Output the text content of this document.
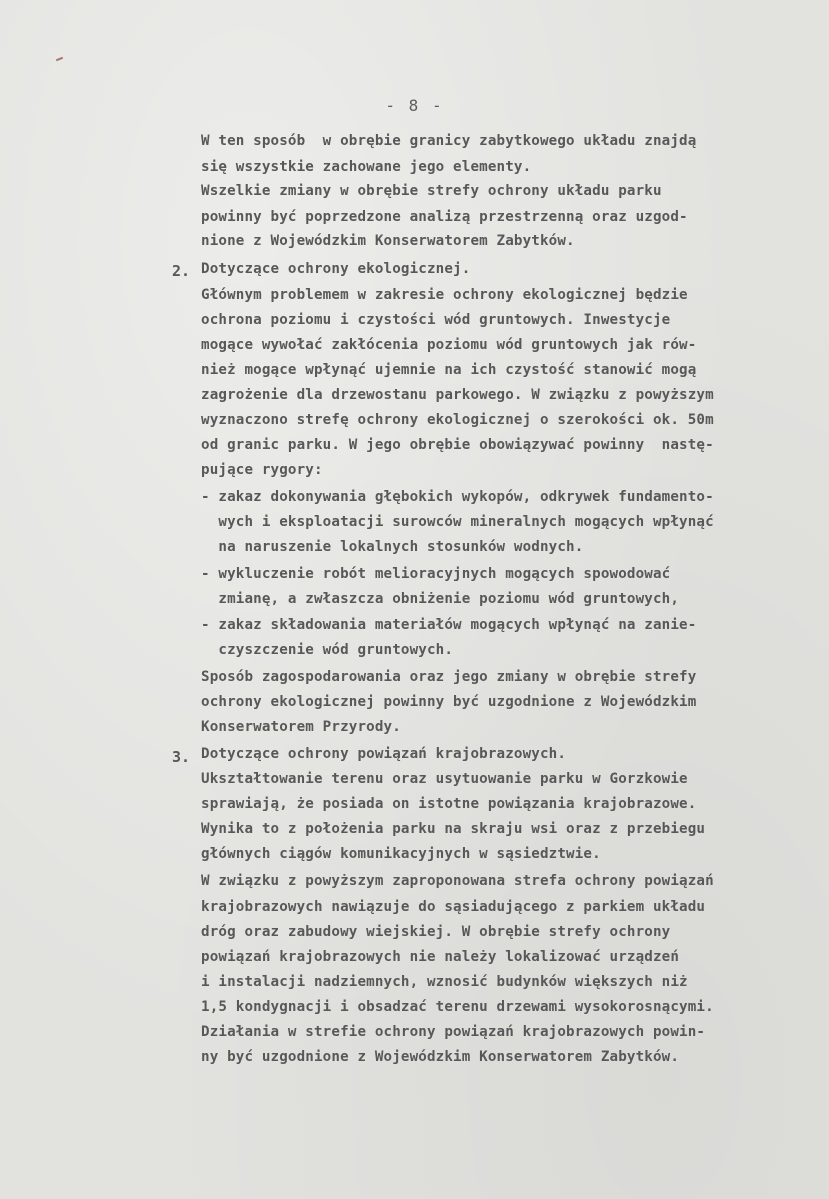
- 8 -
W ten sposób  w obrębie granicy zabytkowego układu znajdą
się wszystkie zachowane jego elementy.
Wszelkie zmiany w obrębie strefy ochrony układu parku
powinny być poprzedzone analizą przestrzenną oraz uzgod-
nione z Wojewódzkim Konserwatorem Zabytków.
2. Dotyczące ochrony ekologicznej.
Głównym problemem w zakresie ochrony ekologicznej będzie
ochrona poziomu i czystości wód gruntowych. Inwestycje
mogące wywołać zakłócenia poziomu wód gruntowych jak rów-
nież mogące wpłynąć ujemnie na ich czystość stanowić mogą
zagrożenie dla drzewostanu parkowego. W związku z powyższym
wyznaczono strefę ochrony ekologicznej o szerokości ok. 50m
od granic parku. W jego obrębie obowiązywać powinny  nastę-
pujące rygory:
- zakaz dokonywania głębokich wykopów, odkrywek fundamento-
wych i eksploatacji surowców mineralnych mogących wpłynąć
na naruszenie lokalnych stosunków wodnych.
- wykluczenie robót melioracyjnych mogących spowodować
zmianę, a zwłaszcza obniżenie poziomu wód gruntowych,
- zakaz składowania materiałów mogących wpłynąć na zanie-
czyszczenie wód gruntowych.
Sposób zagospodarowania oraz jego zmiany w obrębie strefy
ochrony ekologicznej powinny być uzgodnione z Wojewódzkim
Konserwatorem Przyrody.
3. Dotyczące ochrony powiązań krajobrazowych.
Ukształtowanie terenu oraz usytuowanie parku w Gorzkowie
sprawiają, że posiada on istotne powiązania krajobrazowe.
Wynika to z położenia parku na skraju wsi oraz z przebiegu
głównych ciągów komunikacyjnych w sąsiedztwie.
W związku z powyższym zaproponowana strefa ochrony powiązań
krajobrazowych nawiązuje do sąsiadującego z parkiem układu
dróg oraz zabudowy wiejskiej. W obrębie strefy ochrony
powiązań krajobrazowych nie należy lokalizować urządzeń
i instalacji nadziemnych, wznosić budynków większych niż
1,5 kondygnacji i obsadzać terenu drzewami wysokorosnącymi.
Działania w strefie ochrony powiązań krajobrazowych powin-
ny być uzgodnione z Wojewódzkim Konserwatorem Zabytków.
